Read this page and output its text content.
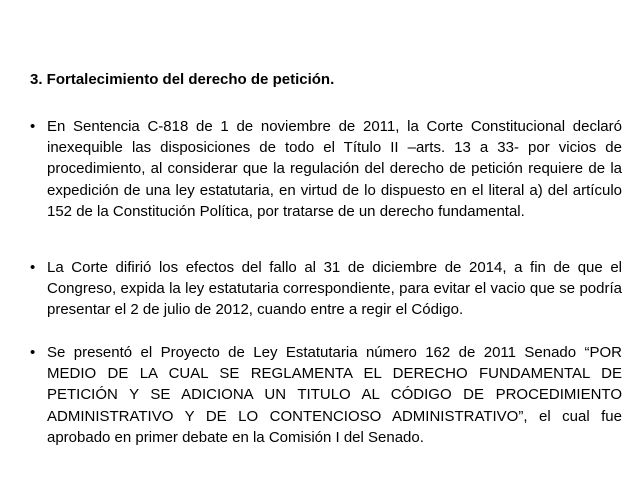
3. Fortalecimiento del derecho de petición.
• En Sentencia C-818 de 1 de noviembre de 2011, la Corte Constitucional declaró inexequible las disposiciones de todo el Título II –arts. 13 a 33- por vicios de procedimiento, al considerar que la regulación del derecho de petición requiere de la expedición de una ley estatutaria, en virtud de lo dispuesto en el literal a) del artículo 152 de la Constitución Política, por tratarse de un derecho fundamental.
• La Corte difirió los efectos del fallo al 31 de diciembre de 2014, a fin de que el Congreso, expida la ley estatutaria correspondiente, para evitar el vacio que se podría presentar el 2 de julio de 2012, cuando entre a regir el Código.
• Se presentó el Proyecto de Ley Estatutaria número 162 de 2011 Senado “POR MEDIO DE LA CUAL SE REGLAMENTA EL DERECHO FUNDAMENTAL DE PETICIÓN Y SE ADICIONA UN TITULO AL CÓDIGO DE PROCEDIMIENTO ADMINISTRATIVO Y DE LO CONTENCIOSO ADMINISTRATIVO”, el cual fue aprobado en primer debate en la Comisión I del Senado.
